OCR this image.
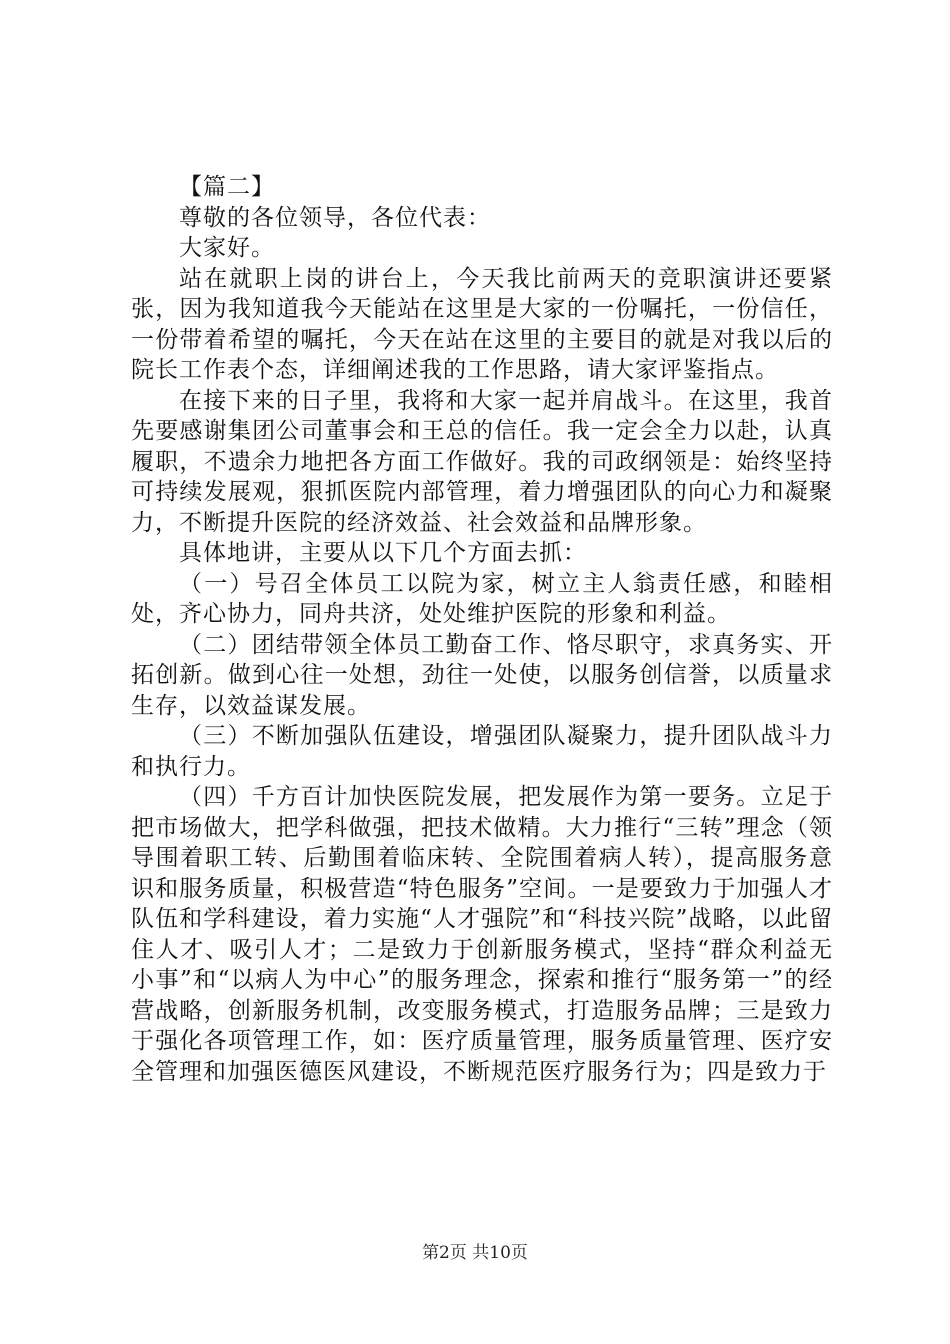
【篇二】

尊敬的各位领导，各位代表：

大家好。

站在就职上岗的讲台上，今天我比前两天的竞职演讲还要紧张，因为我知道我今天能站在这里是大家的一份嘱托，一份信任，一份带着希望的嘱托，今天在站在这里的主要目的就是对我以后的院长工作表个态，详细阐述我的工作思路，请大家评鉴指点。

在接下来的日子里，我将和大家一起并肩战斗。在这里，我首先要感谢集团公司董事会和王总的信任。我一定会全力以赴，认真履职，不遗余力地把各方面工作做好。我的司政纲领是：始终坚持可持续发展观，狠抓医院内部管理，着力增强团队的向心力和凝聚力，不断提升医院的经济效益、社会效益和品牌形象。

具体地讲，主要从以下几个方面去抓：

（一）号召全体员工以院为家，树立主人翁责任感，和睦相处，齐心协力，同舟共济，处处维护医院的形象和利益。

（二）团结带领全体员工勤奋工作、恪尽职守，求真务实、开拓创新。做到心往一处想，劲往一处使，以服务创信誉，以质量求生存，以效益谋发展。

（三）不断加强队伍建设，增强团队凝聚力，提升团队战斗力和执行力。

（四）千方百计加快医院发展，把发展作为第一要务。立足于把市场做大，把学科做强，把技术做精。大力推行“三转”理念（领导围着职工转、后勤围着临床转、全院围着病人转），提高服务意识和服务质量，积极营造“特色服务”空间。一是要致力于加强人才队伍和学科建设，着力实施“人才强院”和“科技兴院”战略，以此留住人才、吸引人才；二是致力于创新服务模式，坚持“群众利益无小事”和“以病人为中心”的服务理念，探索和推行“服务第一”的经营战略，创新服务机制，改变服务模式，打造服务品牌；三是致力于强化各项管理工作，如：医疗质量管理，服务质量管理、医疗安全管理和加强医德医风建设，不断规范医疗服务行为；四是致力于

第2页 共10页
